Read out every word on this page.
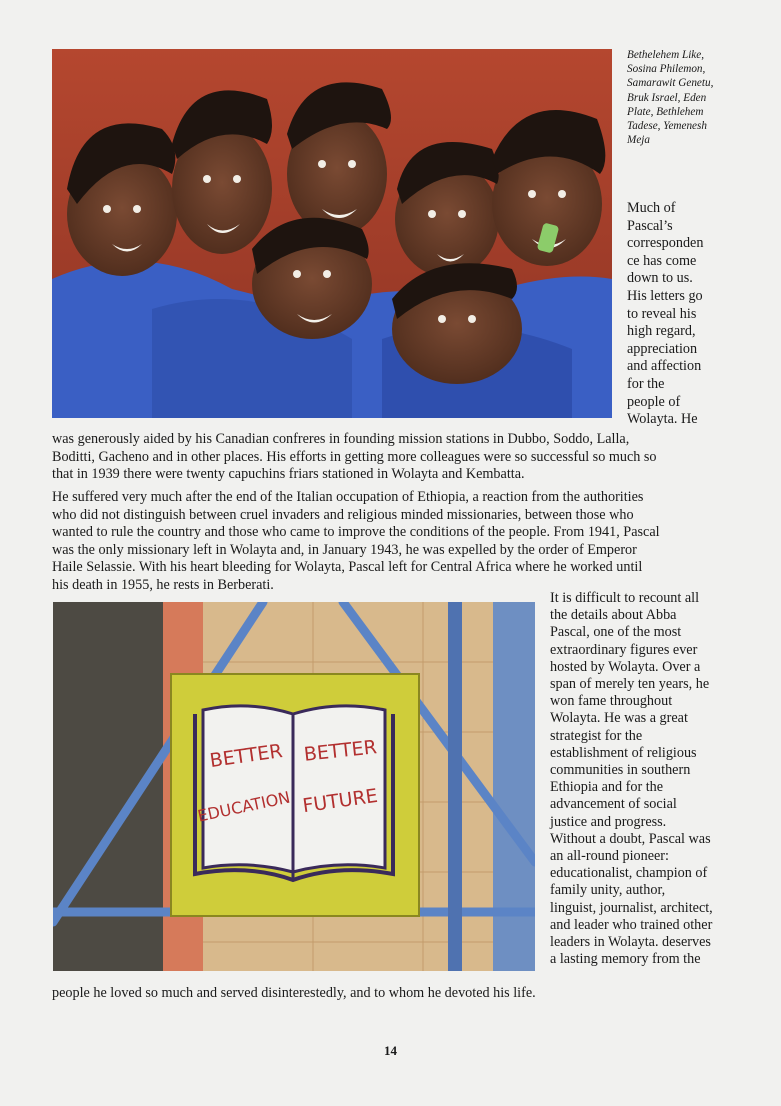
Bethelehem Like, Sosina Philemon, Samarawit Genetu, Bruk Israel, Eden Plate, Bethlehem Tadese, Yemenesh Meja
Much of
Pascal’s
corresponden
ce has come
down to us.
His letters go
to reveal his
high regard,
appreciation
and affection
for the
people of
Wolayta. He
was generously aided by his Canadian confreres in founding mission stations in Dubbo, Soddo, Lalla,
Boditti, Gacheno and in other places. His efforts in getting more colleagues were so successful so much so
that in 1939 there were twenty capuchins friars stationed in Wolayta and Kembatta.
He suffered very much after the end of the Italian occupation of Ethiopia, a reaction from the authorities
who did not distinguish between cruel invaders and religious minded missionaries, between those who
wanted to rule the country and those who came to improve the conditions of the people. From 1941, Pascal
was the only missionary left in Wolayta and, in January 1943, he was expelled by the order of Emperor
Haile Selassie. With his heart bleeding for Wolayta, Pascal left for Central Africa where he worked until
his death in 1955, he rests in Berberati.
BETTER
EDUCATION
BETTER
FUTURE
It is difficult to recount all
the details about Abba
Pascal, one of the most
extraordinary figures ever
hosted by Wolayta. Over a
span of merely ten years, he
won fame throughout
Wolayta. He was a great
strategist for the
establishment of religious
communities in southern
Ethiopia and for the
advancement of social
justice and progress.
Without a doubt, Pascal was
an all-round pioneer:
educationalist, champion of
family unity, author,
linguist, journalist, architect,
and leader who trained other
leaders in Wolayta. deserves
a lasting memory from the
people he loved so much and served disinterestedly, and to whom he devoted his life.
14
